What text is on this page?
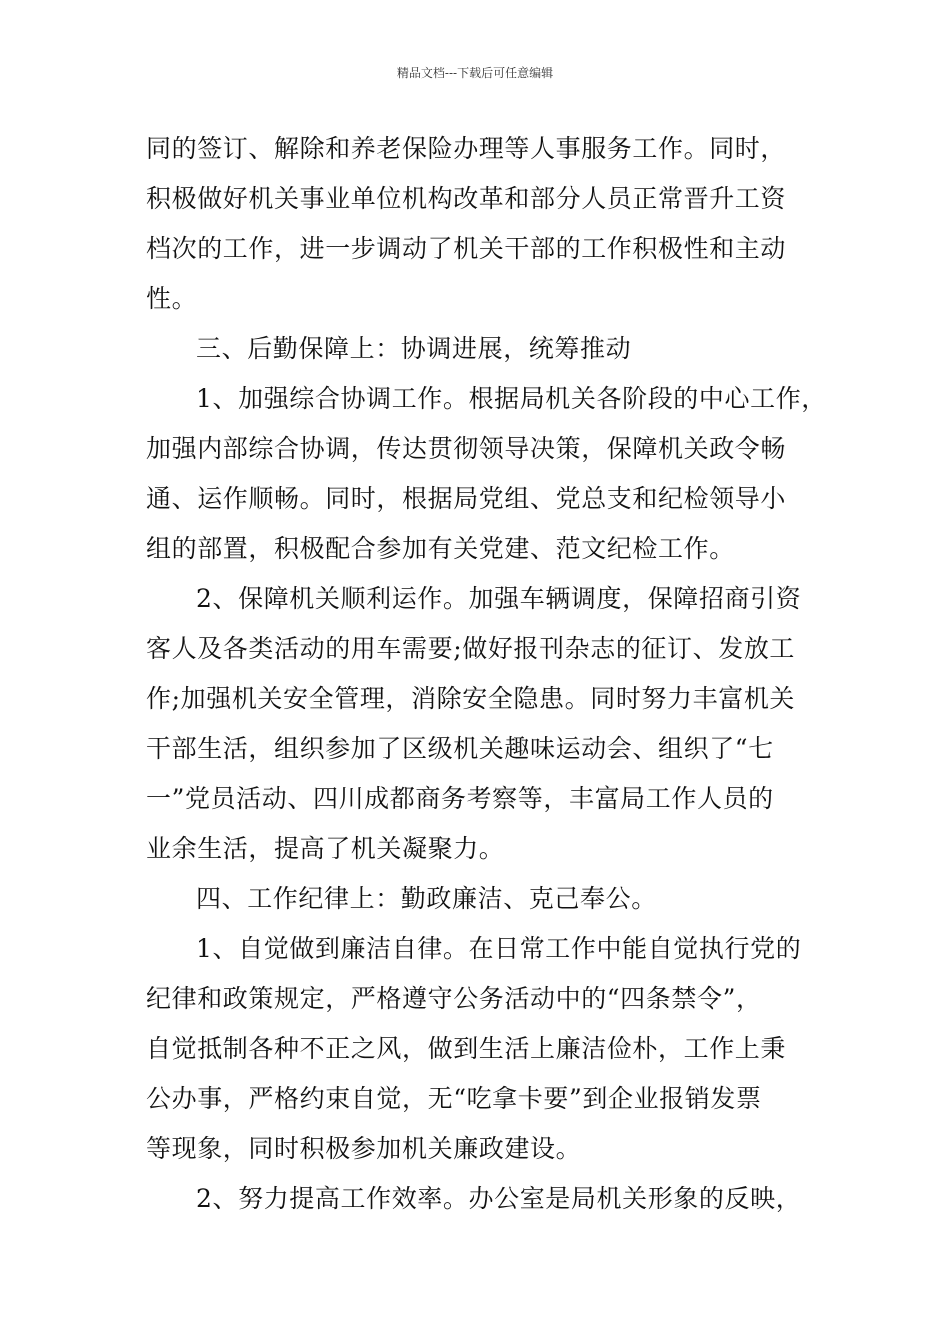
精品文档---下载后可任意编辑
同的签订、解除和养老保险办理等人事服务工作。同时，
积极做好机关事业单位机构改革和部分人员正常晋升工资
档次的工作，进一步调动了机关干部的工作积极性和主动
性。
三、后勤保障上：协调进展，统筹推动
1、加强综合协调工作。根据局机关各阶段的中心工作，
加强内部综合协调，传达贯彻领导决策，保障机关政令畅
通、运作顺畅。同时，根据局党组、党总支和纪检领导小
组的部置，积极配合参加有关党建、范文纪检工作。
2、保障机关顺利运作。加强车辆调度，保障招商引资
客人及各类活动的用车需要;做好报刊杂志的征订、发放工
作;加强机关安全管理，消除安全隐患。同时努力丰富机关
干部生活，组织参加了区级机关趣味运动会、组织了“七
一”党员活动、四川成都商务考察等，丰富局工作人员的
业余生活，提高了机关凝聚力。
四、工作纪律上：勤政廉洁、克己奉公。
1、自觉做到廉洁自律。在日常工作中能自觉执行党的
纪律和政策规定，严格遵守公务活动中的“四条禁令”，
自觉抵制各种不正之风，做到生活上廉洁俭朴，工作上秉
公办事，严格约束自觉，无“吃拿卡要”到企业报销发票
等现象，同时积极参加机关廉政建设。
2、努力提高工作效率。办公室是局机关形象的反映，
